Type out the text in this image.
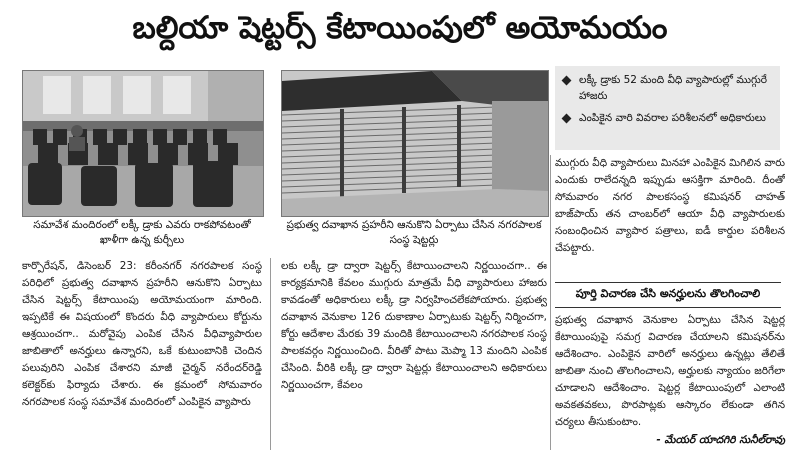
బల్దియా షెట్టర్స్ కేటాయింపులో అయోమయం
సమావేశ మందిరంలో లక్కీ డ్రాకు ఎవరు రాకపోవటంతో ఖాళీగా ఉన్న కుర్చీలు
ప్రభుత్వ దవాఖాన ప్రహరీని ఆనుకొని ఏర్పాటు చేసిన నగరపాలక సంస్థ షెట్టర్లు
లక్కీ డ్రాకు 52 మంది వీధి వ్యాపారుల్లో ముగ్గురే హాజరు
ఎంపికైన వారి వివరాల పరిశీలనలో అధికారులు
కార్పొరేషన్, డిసెంబర్ 23: కరీంనగర్ నగరపాలక సంస్థ పరిధిలో ప్రభుత్వ దవాఖాన ప్రహరీని ఆనుకొని ఏర్పాటు చేసిన షెట్టర్స్ కేటాయింపు అయోమయంగా మారింది. ఇప్పటికే ఈ విషయంలో కొందరు వీధి వ్యాపారులు కోర్టును ఆశ్రయించగా.. మరోవైపు ఎంపిక చేసిన వీధివ్యాపారుల జాబితాలో అనర్హులు ఉన్నారని, ఒకే కుటుంబానికి చెందిన పలువురిని ఎంపిక చేశారని మాజీ చైర్మన్ నరేందర్‌రెడ్డి కలెక్టర్‌కు ఫిర్యాదు చేశారు. ఈ క్రమంలో సోమవారం నగరపాలక సంస్థ సమావేశ మందిరంలో ఎంపికైన వ్యాపారు
లకు లక్కీ డ్రా ద్వారా షెట్టర్స్ కేటాయించాలని నిర్ణయించగా.. ఈ కార్యక్రమానికి కేవలం ముగ్గురు మాత్రమే వీధి వ్యాపారులు హాజరు కావడంతో అధికారులు లక్కీ డ్రా నిర్వహించలేకపోయారు. ప్రభుత్వ దవాఖాన వెనుకాల 126 దుకాణాల ఏర్పాటుకు షెట్టర్స్ నిర్మించగా, కోర్టు ఆదేశాల మేరకు 39 మందికి కేటాయించాలని నగరపాలక సంస్థ పాలకవర్గం నిర్ణయించింది. వీరితో పాటు మెప్మా 13 మందిని ఎంపిక చేసింది. వీరికి లక్కీ డ్రా ద్వారా షెట్టర్లు కేటాయించాలని అధికారులు నిర్ణయించగా, కేవలం
ముగ్గురు వీధి వ్యాపారులు మినహా ఎంపికైన మిగిలిన వారు ఎందుకు రాలేదన్నది ఇప్పుడు ఆసక్తిగా మారింది. దీంతో సోమవారం నగర పాలకసంస్థ కమిషనర్ చాహత్ బాజ్‌పాయ్ తన చాంబర్‌లో ఆయా వీధి వ్యాపారులకు సంబంధించిన వ్యాపార పత్రాలు, ఐడీ కార్డుల పరిశీలన చేపట్టారు.
పూర్తి విచారణ చేసి అనర్హులను తొలగించాలి
ప్రభుత్వ దవాఖాన వెనుకాల ఏర్పాటు చేసిన షెట్టర్ల కేటాయింపుపై సమగ్ర విచారణ చేయాలని కమిషనర్‌ను ఆదేశించాం. ఎంపికైన వారిలో అనర్హులు ఉన్నట్లు తేలితే జాబితా నుంచి తొలగించాలని, అర్హులకు న్యాయం జరిగేలా చూడాలని ఆదేశించాం. షెట్టర్ల కేటాయింపులో ఎలాంటి అవకతవకలు, పొరపాట్లకు ఆస్కారం లేకుండా తగిన చర్యలు తీసుకుంటాం.
- మేయర్ యాదగిరి సునీల్‌రావు
